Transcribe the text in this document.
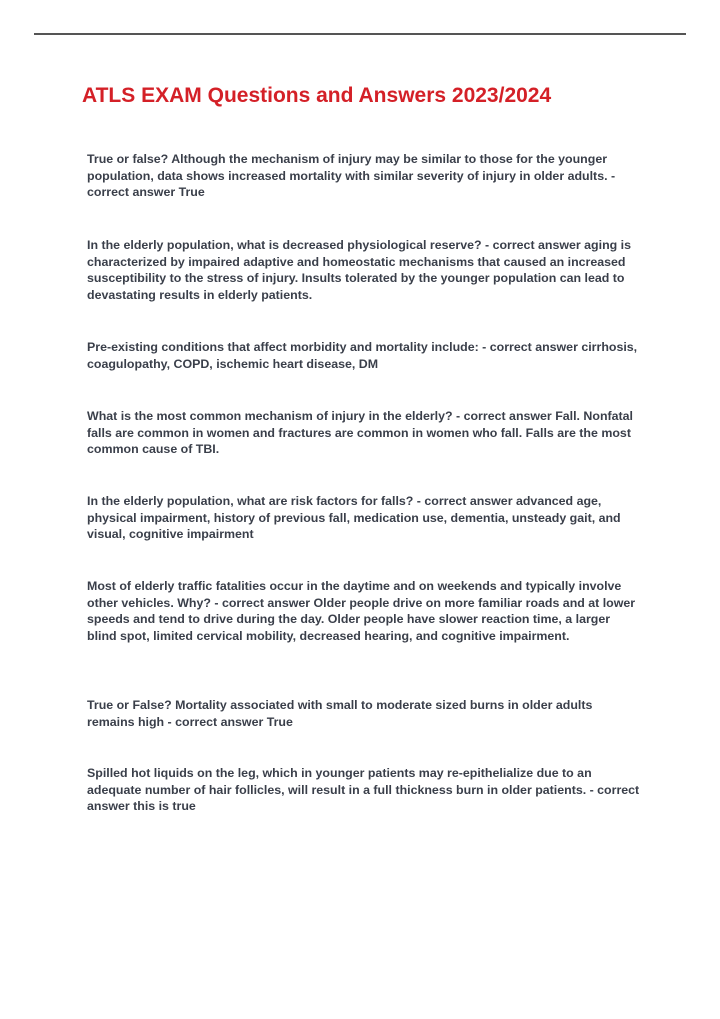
ATLS EXAM Questions and Answers 2023/2024

True or false? Although the mechanism of injury may be similar to those for the younger population, data shows increased mortality with similar severity of injury in older adults. - correct answer True

In the elderly population, what is decreased physiological reserve? - correct answer aging is characterized by impaired adaptive and homeostatic mechanisms that caused an increased susceptibility to the stress of injury. Insults tolerated by the younger population can lead to devastating results in elderly patients.

Pre-existing conditions that affect morbidity and mortality include: - correct answer cirrhosis, coagulopathy, COPD, ischemic heart disease, DM

What is the most common mechanism of injury in the elderly? - correct answer Fall. Nonfatal falls are common in women and fractures are common in women who fall. Falls are the most common cause of TBI.

In the elderly population, what are risk factors for falls? - correct answer advanced age, physical impairment, history of previous fall, medication use, dementia, unsteady gait, and visual, cognitive impairment

Most of elderly traffic fatalities occur in the daytime and on weekends and typically involve other vehicles. Why? - correct answer Older people drive on more familiar roads and at lower speeds and tend to drive during the day. Older people have slower reaction time, a larger blind spot, limited cervical mobility, decreased hearing, and cognitive impairment.

True or False? Mortality associated with small to moderate sized burns in older adults remains high - correct answer True

Spilled hot liquids on the leg, which in younger patients may re-epithelialize due to an adequate number of hair follicles, will result in a full thickness burn in older patients. - correct answer this is true
